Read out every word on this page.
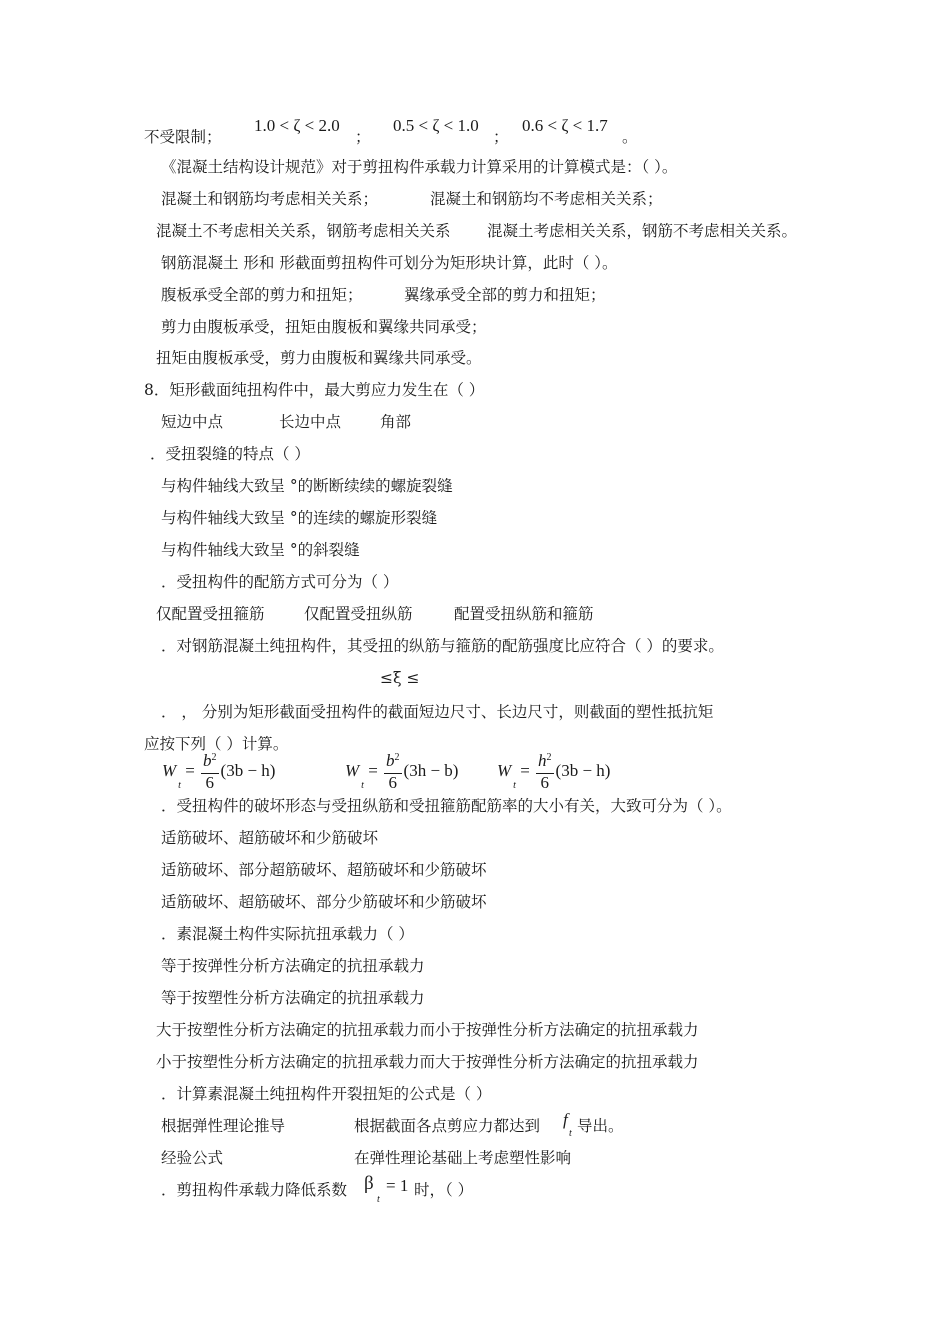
不受限制；
1.0 < ζ < 2.0
；
0.5 < ζ < 1.0
；
0.6 < ζ < 1.7
。
《混凝土结构设计规范》对于剪扭构件承载力计算采用的计算模式是：（ ）。
混凝土和钢筋均考虑相关关系；	混凝土和钢筋均不考虑相关关系；
混凝土不考虑相关关系，钢筋考虑相关关系 混凝土考虑相关关系，钢筋不考虑相关关系。
钢筋混凝土 形和 形截面剪扭构件可划分为矩形块计算，此时（ ）。
腹板承受全部的剪力和扭矩；	翼缘承受全部的剪力和扭矩；
剪力由腹板承受，扭矩由腹板和翼缘共同承受；
扭矩由腹板承受，剪力由腹板和翼缘共同承受。
8．矩形截面纯扭构件中，最大剪应力发生在（ ）
短边中点	长边中点	角部
．受扭裂缝的特点（ ）
与构件轴线大致呈 °的断断续续的螺旋裂缝
与构件轴线大致呈 °的连续的螺旋形裂缝
与构件轴线大致呈 °的斜裂缝
．受扭构件的配筋方式可分为（ ）
仅配置受扭箍筋	仅配置受扭纵筋	配置受扭纵筋和箍筋
．对钢筋混凝土纯扭构件，其受扭的纵筋与箍筋的配筋强度比应符合（ ）的要求。
≤ξ ≤
． ， 分别为矩形截面受扭构件的截面短边尺寸、长边尺寸，则截面的塑性抵抗矩
应按下列（ ）计算。
$W_t = \frac{b^2}{6} (3b - h)$	$W_t = \frac{b^2}{6} (3h - b) W_t = \frac{h^2}{6} (3b - h)$
．受扭构件的破坏形态与受扭纵筋和受扭箍筋配筋率的大小有关，大致可分为（ ）。
适筋破坏、超筋破坏和少筋破坏
适筋破坏、部分超筋破坏、超筋破坏和少筋破坏
适筋破坏、超筋破坏、部分少筋破坏和少筋破坏
．素混凝土构件实际抗扭承载力（ ）
等于按弹性分析方法确定的抗扭承载力
等于按塑性分析方法确定的抗扭承载力
大于按塑性分析方法确定的抗扭承载力而小于按弹性分析方法确定的抗扭承载力
小于按塑性分析方法确定的抗扭承载力而大于按弹性分析方法确定的抗扭承载力
．计算素混凝土纯扭构件开裂扭矩的公式是（ ）
根据弹性理论推导	根据截面各点剪应力都达到 f
t 导出。
经验公式	在弹性理论基础上考虑塑性影响
．剪扭构件承载力降低系数 β
t
= 1 时，（ ）
